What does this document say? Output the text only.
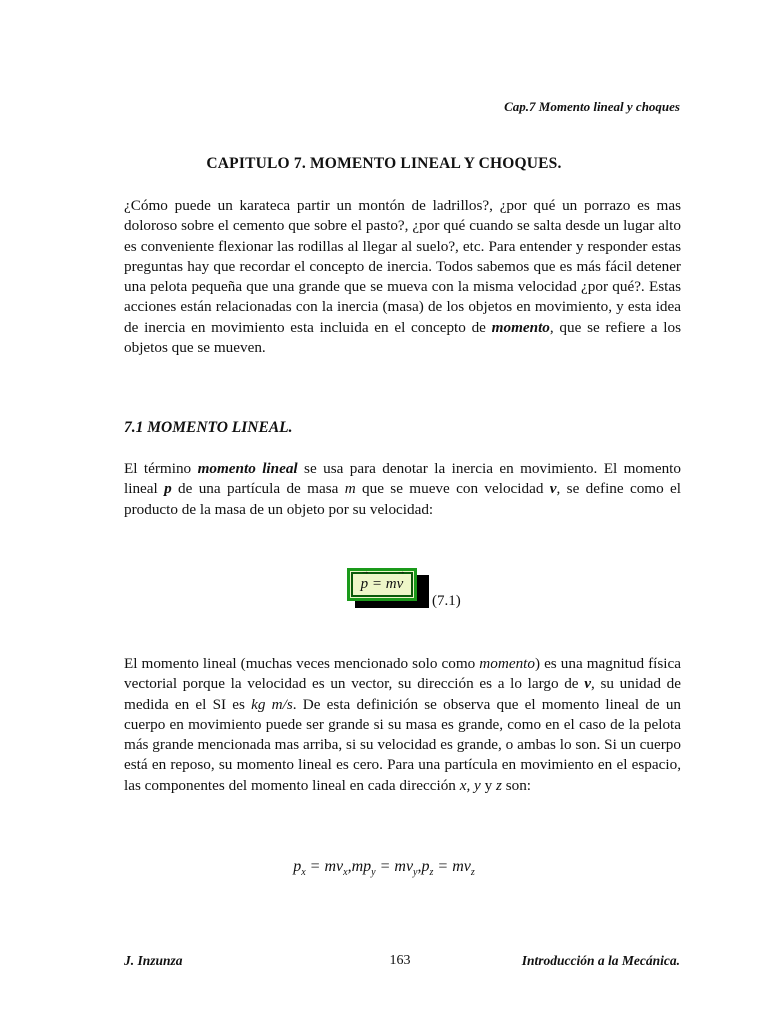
Cap.7 Momento lineal y choques
CAPITULO 7. MOMENTO LINEAL Y CHOQUES.

¿Cómo puede un karateca partir un montón de ladrillos?, ¿por qué un porrazo es mas doloroso sobre el cemento que sobre el pasto?, ¿por qué cuando se salta desde un lugar alto es conveniente flexionar las rodillas al llegar al suelo?, etc. Para entender y responder estas preguntas hay que recordar el concepto de inercia. Todos sabemos que es más fácil detener una pelota pequeña que una grande que se mueva con la misma velocidad ¿por qué?. Estas acciones están relacionadas con la inercia (masa) de los objetos en movimiento, y esta idea de inercia en movimiento esta incluida en el concepto de momento, que se refiere a los objetos que se mueven.

7.1 MOMENTO LINEAL.

El término momento lineal se usa para denotar la inercia en movimiento. El momento lineal p de una partícula de masa m que se mueve con velocidad v, se define como el producto de la masa de un objeto por su velocidad:

→ p = m
→ v
(7.1)

El momento lineal (muchas veces mencionado solo como momento) es una magnitud física vectorial porque la velocidad es un vector, su dirección es a lo largo de v, su unidad de medida en el SI es kg m/s. De esta definición se observa que el momento lineal de un cuerpo en movimiento puede ser grande si su masa es grande, como en el caso de la pelota más grande mencionada mas arriba, si su velocidad es grande, o ambas lo son. Si un cuerpo está en reposo, su momento lineal es cero. Para una partícula en movimiento en el espacio, las componentes del momento lineal en cada dirección x, y y z son:

$p_x = mv_x,mp_y = mv_y,p_z = mv_z$
J. Inzunza	163	Introducción a la Mecánica.
